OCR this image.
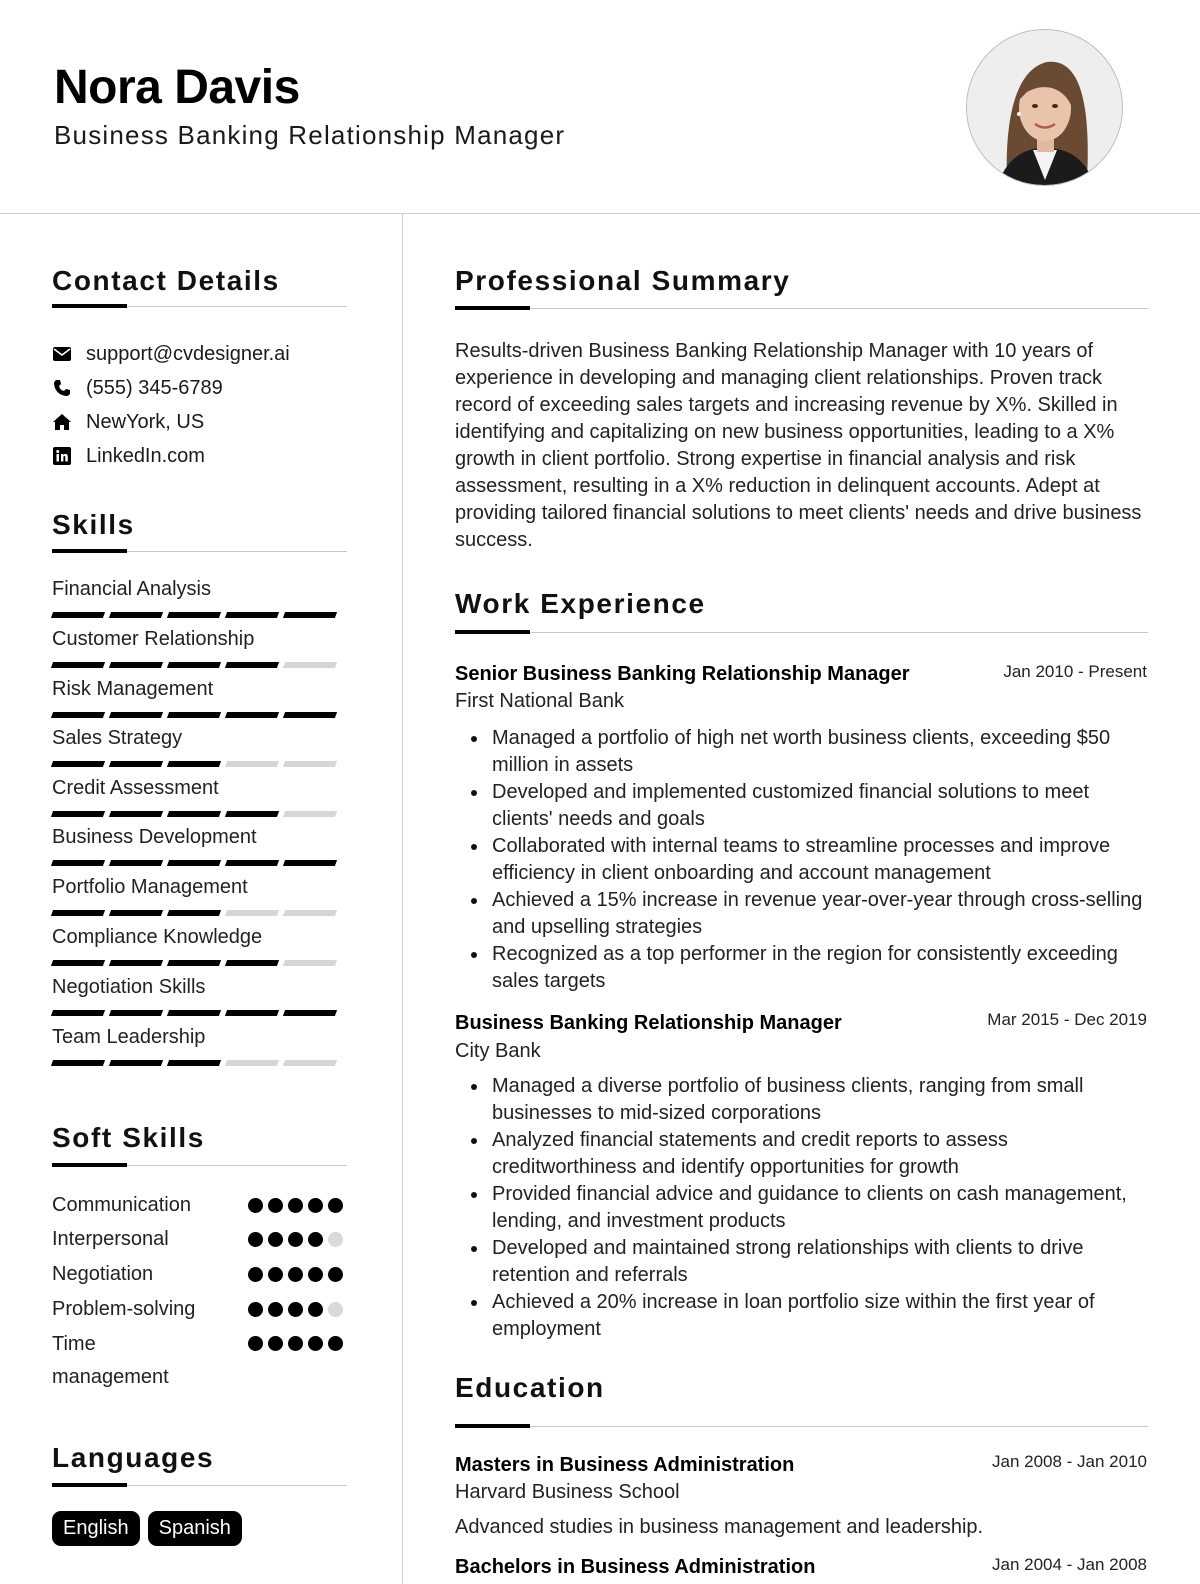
Nora Davis
Business Banking Relationship Manager
Contact Details
support@cvdesigner.ai
(555) 345-6789
NewYork, US
LinkedIn.com
Skills
Financial Analysis
Customer Relationship
Risk Management
Sales Strategy
Credit Assessment
Business Development
Portfolio Management
Compliance Knowledge
Negotiation Skills
Team Leadership
Soft Skills
Communication
Interpersonal
Negotiation
Problem-solving
Time management
Languages
English	Spanish
Professional Summary
Results-driven Business Banking Relationship Manager with 10 years of experience in developing and managing client relationships. Proven track record of exceeding sales targets and increasing revenue by X%. Skilled in identifying and capitalizing on new business opportunities, leading to a X% growth in client portfolio. Strong expertise in financial analysis and risk assessment, resulting in a X% reduction in delinquent accounts. Adept at providing tailored financial solutions to meet clients' needs and drive business success.
Work Experience
Senior Business Banking Relationship Manager	Jan 2010 - Present
First National Bank
Managed a portfolio of high net worth business clients, exceeding $50 million in assets
Developed and implemented customized financial solutions to meet clients' needs and goals
Collaborated with internal teams to streamline processes and improve efficiency in client onboarding and account management
Achieved a 15% increase in revenue year-over-year through cross-selling and upselling strategies
Recognized as a top performer in the region for consistently exceeding sales targets
Business Banking Relationship Manager	Mar 2015 - Dec 2019
City Bank
Managed a diverse portfolio of business clients, ranging from small businesses to mid-sized corporations
Analyzed financial statements and credit reports to assess creditworthiness and identify opportunities for growth
Provided financial advice and guidance to clients on cash management, lending, and investment products
Developed and maintained strong relationships with clients to drive retention and referrals
Achieved a 20% increase in loan portfolio size within the first year of employment
Education
Masters in Business Administration	Jan 2008 - Jan 2010
Harvard Business School
Advanced studies in business management and leadership.
Bachelors in Business Administration	Jan 2004 - Jan 2008
